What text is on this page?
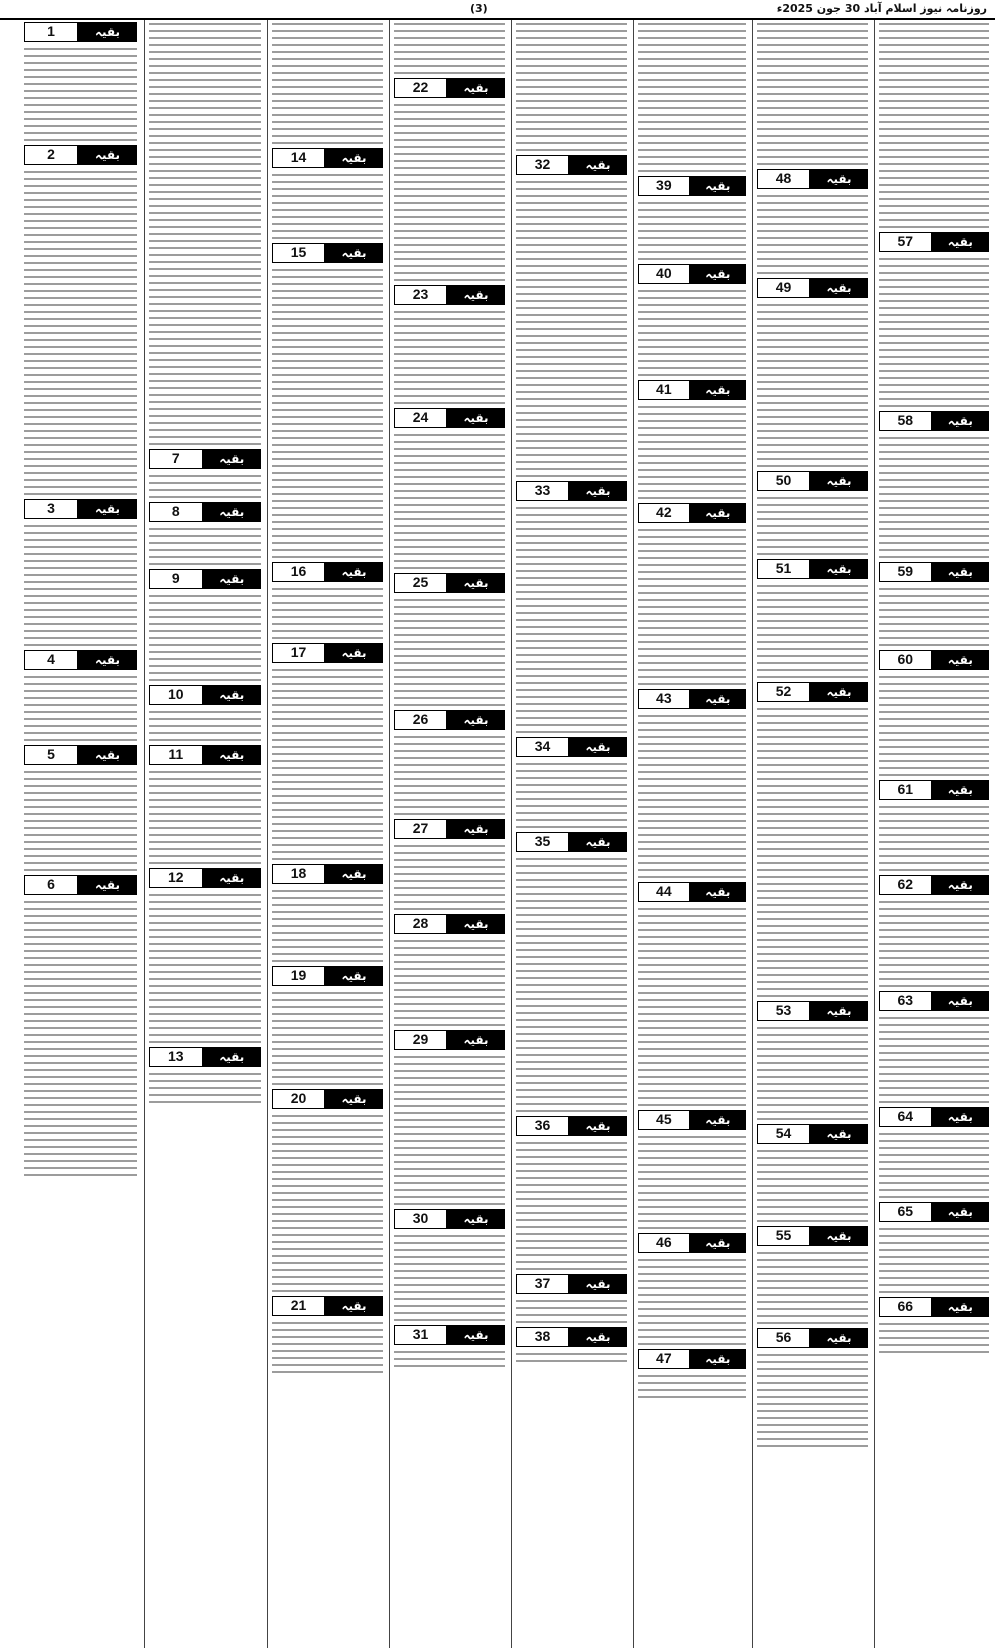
(3)	روزنامہ نیوز اسلام آباد 30 جون 2025ء
57	بقیہ
58	بقیہ
59	بقیہ
60	بقیہ
61	بقیہ
62	بقیہ
63	بقیہ
64	بقیہ
65	بقیہ
66	بقیہ
48	بقیہ
49	بقیہ
50	بقیہ
51	بقیہ
52	بقیہ
53	بقیہ
54	بقیہ
55	بقیہ
56	بقیہ
39	بقیہ
40	بقیہ
41	بقیہ
42	بقیہ
43	بقیہ
44	بقیہ
45	بقیہ
46	بقیہ
47	بقیہ
32	بقیہ
33	بقیہ
34	بقیہ
35	بقیہ
36	بقیہ
37	بقیہ
38	بقیہ
22	بقیہ
23	بقیہ
24	بقیہ
25	بقیہ
26	بقیہ
27	بقیہ
28	بقیہ
29	بقیہ
30	بقیہ
31	بقیہ
14	بقیہ
15	بقیہ
16	بقیہ
17	بقیہ
18	بقیہ
19	بقیہ
20	بقیہ
21	بقیہ
7	بقیہ
8	بقیہ
9	بقیہ
10	بقیہ
11	بقیہ
12	بقیہ
13	بقیہ
1	بقیہ
2	بقیہ
3	بقیہ
4	بقیہ
5	بقیہ
6	بقیہ
